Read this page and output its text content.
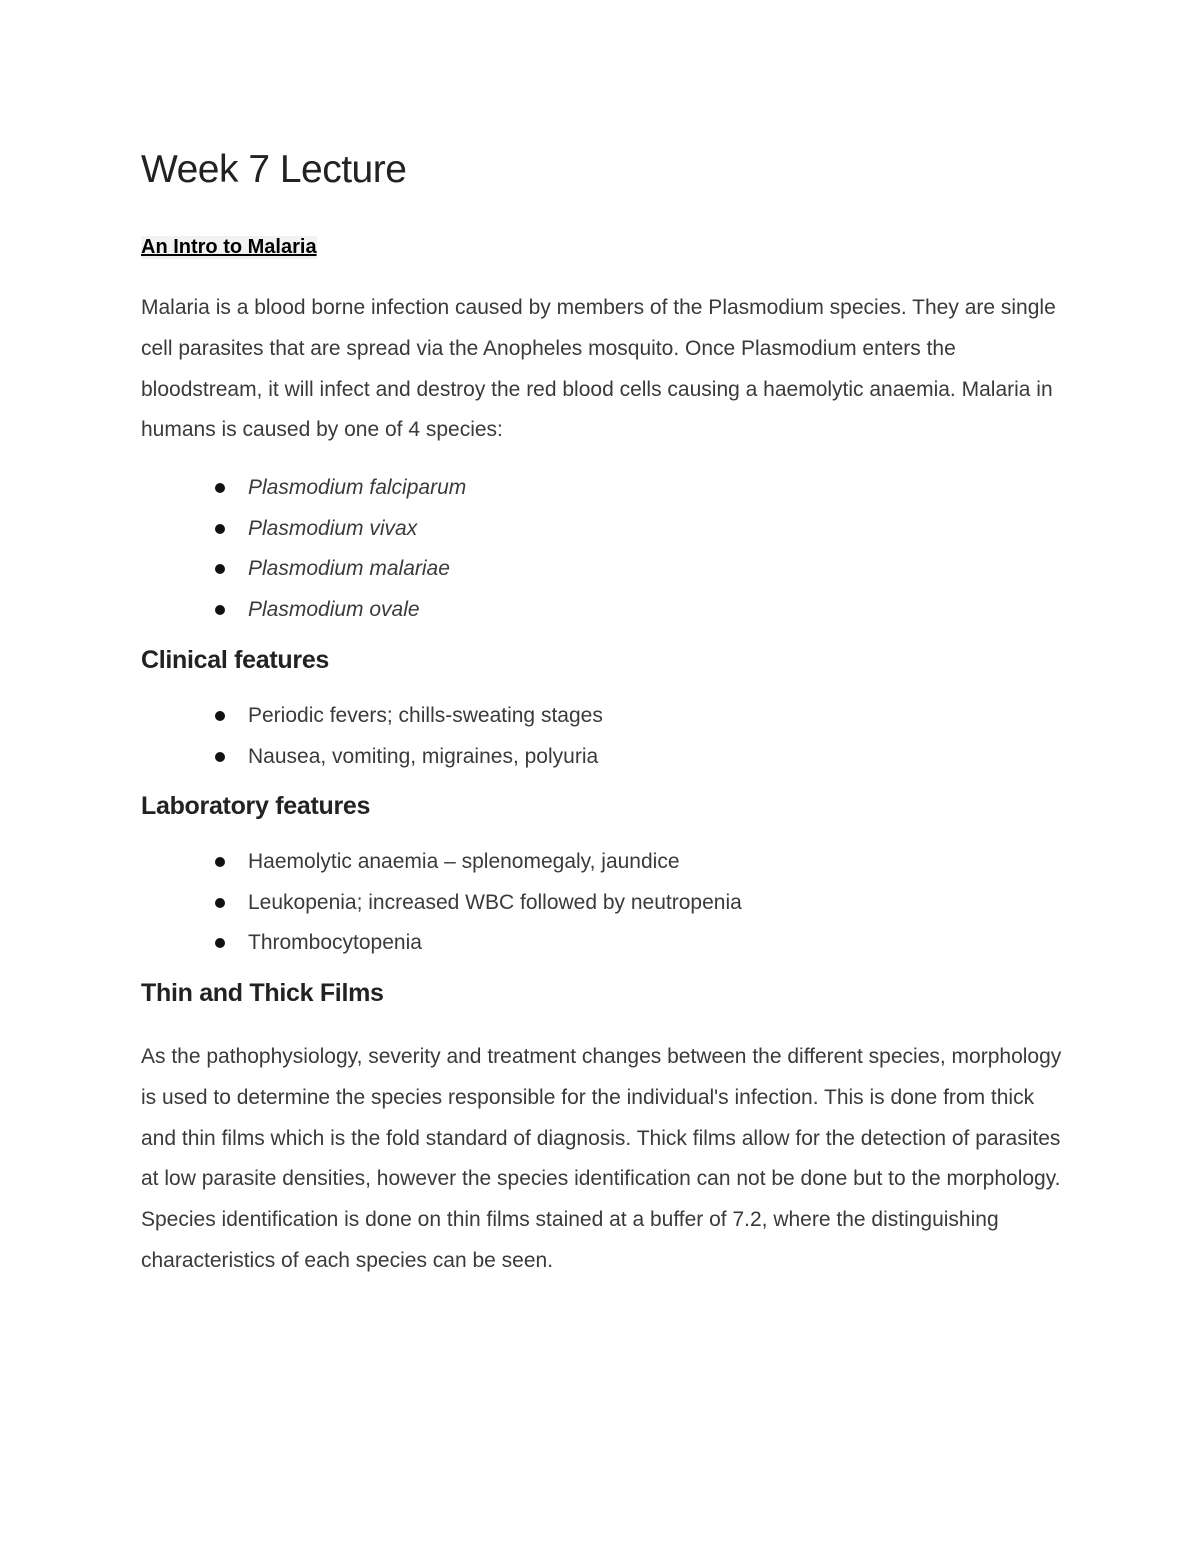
Week 7 Lecture
An Intro to Malaria

Malaria is a blood borne infection caused by members of the Plasmodium species. They are single cell parasites that are spread via the Anopheles mosquito. Once Plasmodium enters the bloodstream, it will infect and destroy the red blood cells causing a haemolytic anaemia. Malaria in humans is caused by one of 4 species:

Plasmodium falciparum
Plasmodium vivax
Plasmodium malariae
Plasmodium ovale
Clinical features
Periodic fevers; chills-sweating stages
Nausea, vomiting, migraines, polyuria
Laboratory features
Haemolytic anaemia – splenomegaly, jaundice
Leukopenia; increased WBC followed by neutropenia
Thrombocytopenia
Thin and Thick Films

As the pathophysiology, severity and treatment changes between the different species, morphology is used to determine the species responsible for the individual's infection. This is done from thick and thin films which is the fold standard of diagnosis. Thick films allow for the detection of parasites at low parasite densities, however the species identification can not be done but to the morphology. Species identification is done on thin films stained at a buffer of 7.2, where the distinguishing characteristics of each species can be seen.
